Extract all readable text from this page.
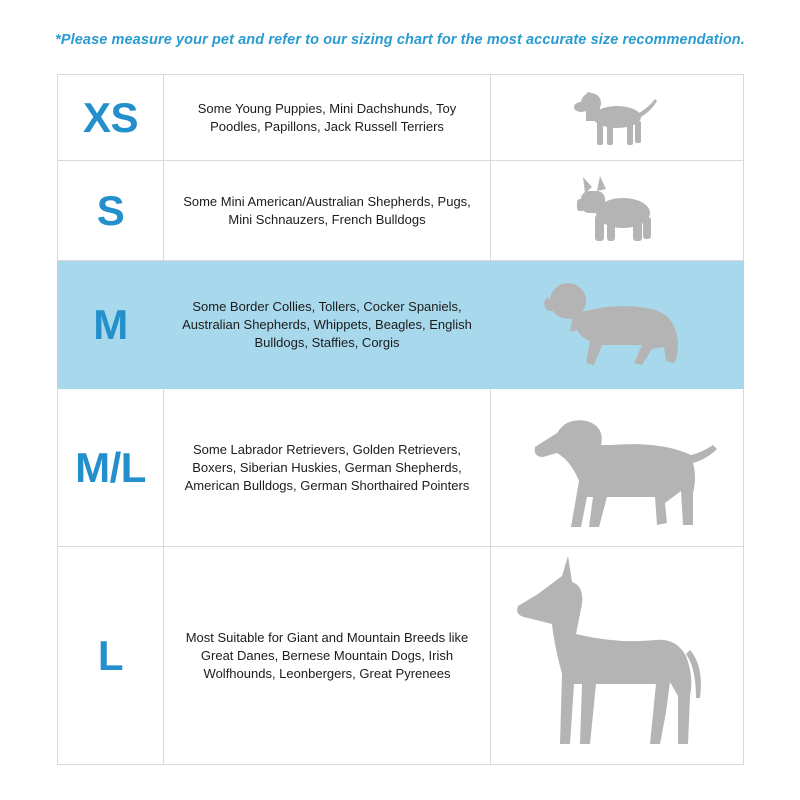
*Please measure your pet and refer to our sizing chart for the most accurate size recommendation.
XS	Some Young Puppies, Mini Dachshunds, Toy Poodles, Papillons, Jack Russell Terriers	

S	Some Mini American/Australian Shepherds, Pugs, Mini Schnauzers, French Bulldogs	

M	Some Border Collies, Tollers, Cocker Spaniels, Australian Shepherds, Whippets, Beagles, English Bulldogs, Staffies, Corgis	

M/L	Some Labrador Retrievers, Golden Retrievers, Boxers, Siberian Huskies, German Shepherds, American Bulldogs, German Shorthaired Pointers	

L	Most Suitable for Giant and Mountain Breeds like Great Danes, Bernese Mountain Dogs, Irish Wolfhounds, Leonbergers, Great Pyrenees	
